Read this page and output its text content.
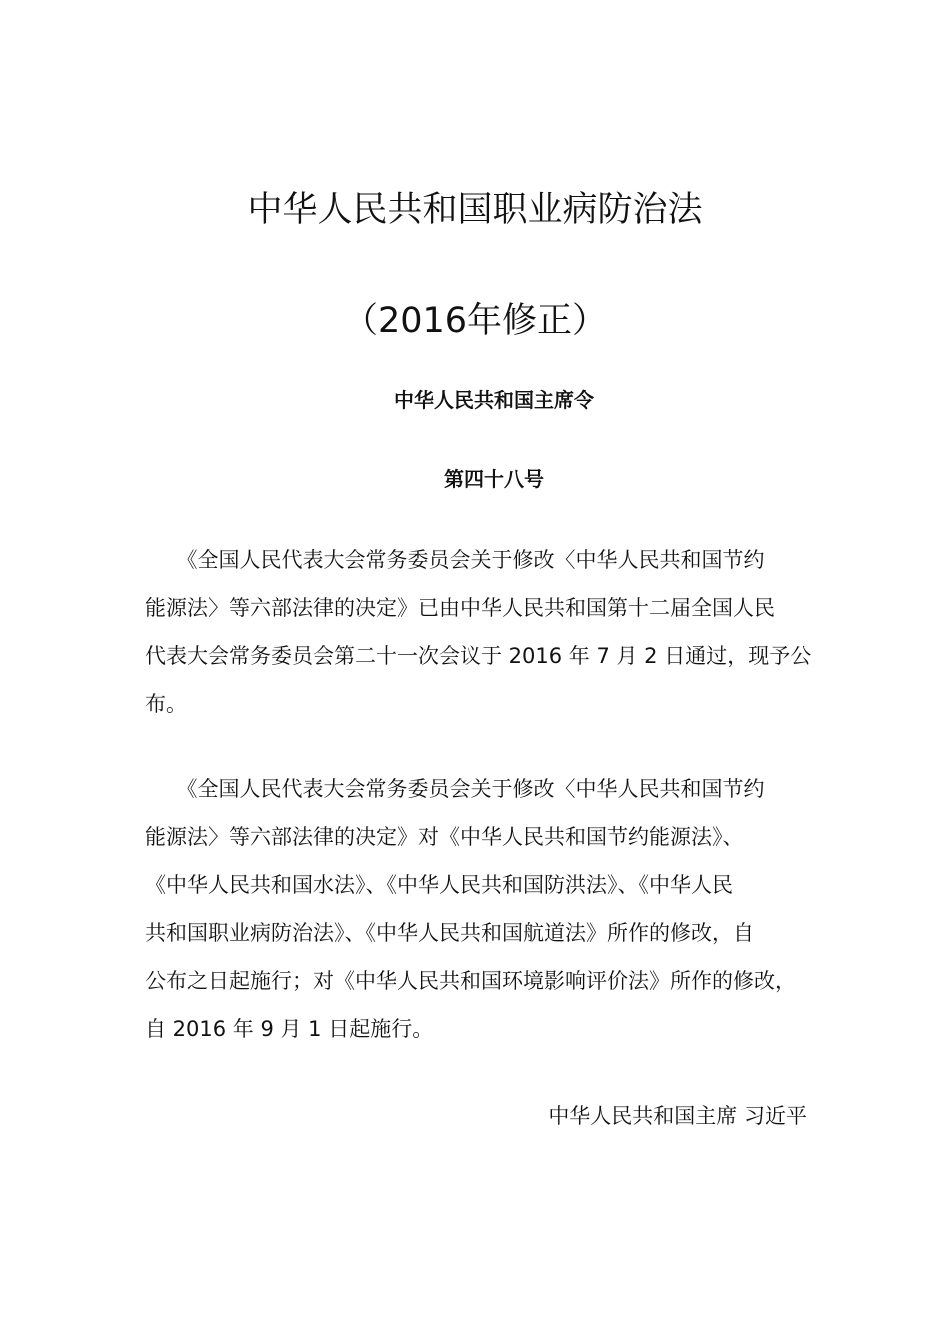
中华人民共和国职业病防治法
（2016年修正）

中华人民共和国主席令

第四十八号

　　《全国人民代表大会常务委员会关于修改〈中华人民共和国节约
能源法〉等六部法律的决定》已由中华人民共和国第十二届全国人民
代表大会常务委员会第二十一次会议于 2016 年 7 月 2 日通过，现予公
布。
　　《全国人民代表大会常务委员会关于修改〈中华人民共和国节约
能源法〉等六部法律的决定》对《中华人民共和国节约能源法》、
《中华人民共和国水法》、《中华人民共和国防洪法》、《中华人民
共和国职业病防治法》、《中华人民共和国航道法》所作的修改，自
公布之日起施行；对《中华人民共和国环境影响评价法》所作的修改，
自 2016 年 9 月 1 日起施行。

中华人民共和国主席 习近平
